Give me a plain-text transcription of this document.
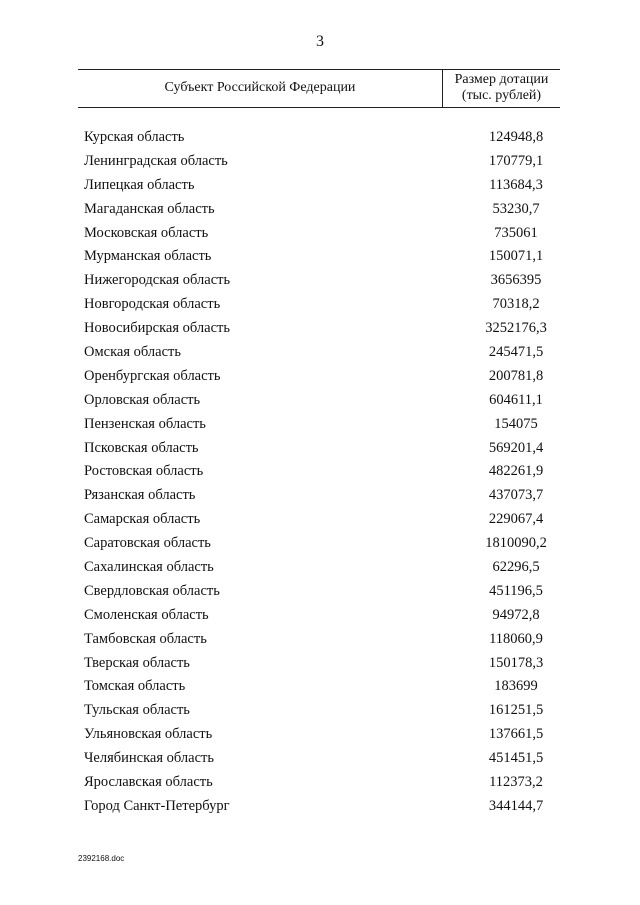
3
Субъект Российской Федерации
Размер дотации
(тыс. рублей)
Курская область	124948,8
Ленинградская область	170779,1
Липецкая область	113684,3
Магаданская область	53230,7
Московская область	735061
Мурманская область	150071,1
Нижегородская область	3656395
Новгородская область	70318,2
Новосибирская область	3252176,3
Омская область	245471,5
Оренбургская область	200781,8
Орловская область	604611,1
Пензенская область	154075
Псковская область	569201,4
Ростовская область	482261,9
Рязанская область	437073,7
Самарская область	229067,4
Саратовская область	1810090,2
Сахалинская область	62296,5
Свердловская область	451196,5
Смоленская область	94972,8
Тамбовская область	118060,9
Тверская область	150178,3
Томская область	183699
Тульская область	161251,5
Ульяновская область	137661,5
Челябинская область	451451,5
Ярославская область	112373,2
Город Санкт-Петербург	344144,7
2392168.doc
